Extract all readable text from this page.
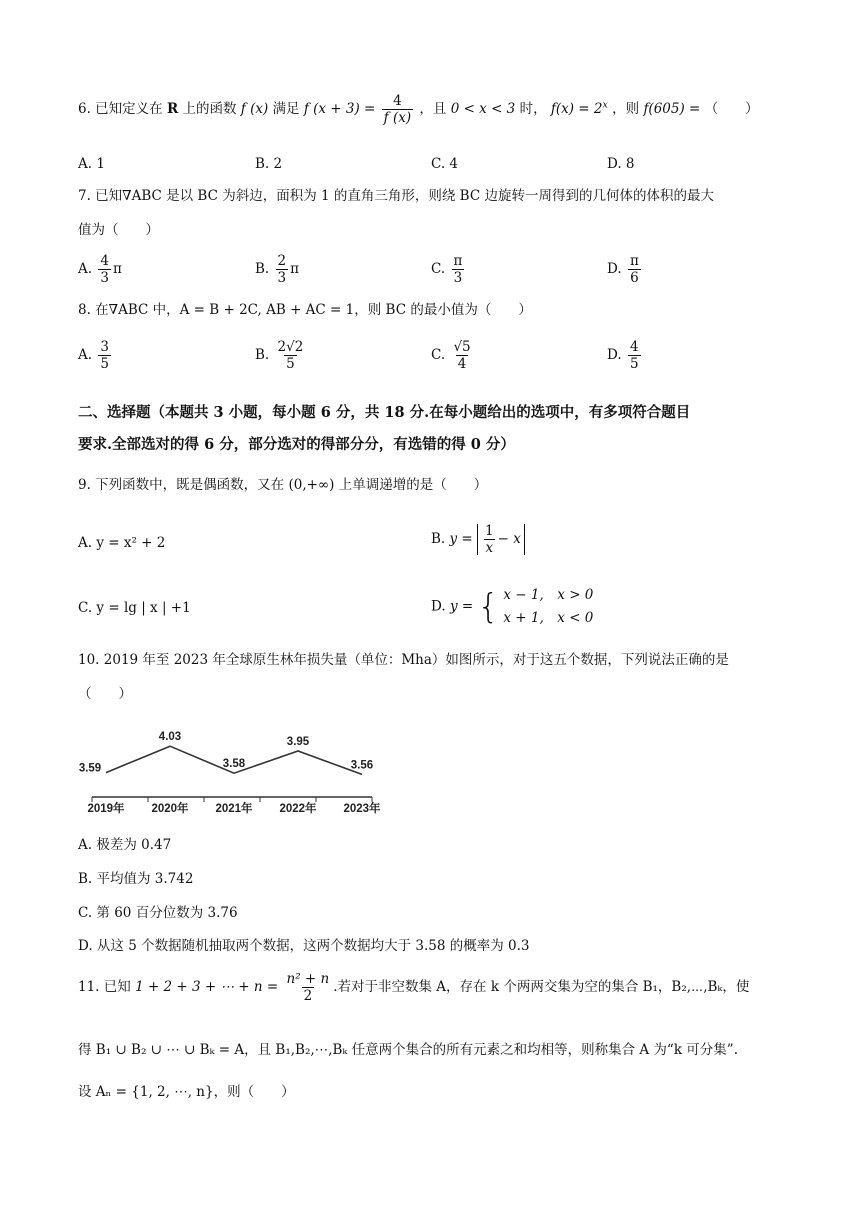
6. 已知定义在 R 上的函数 f (x) 满足 f $(x + 3) = \frac{4}{f (x)}$ ，且 0 < x < 3 时， $f(x) = 2^x$ ，则 f(605) = （　　）
A. 1	B. 2	C. 4	D. 8
7. 已知∇ABC 是以 BC 为斜边，面积为 1 的直角三角形，则绕 BC 边旋转一周得到的几何体的体积的最大
值为（　　）
A. $\frac{4}{3}$ π	B. $\frac{2}{3}$ π	C. $\frac{\pi}{3}$	D. $\frac{\pi}{6}$
8. 在∇ABC 中，A = B + 2C, AB + AC = 1，则 BC 的最小值为（　　）
A. $\frac{3}{5}$	B. $\frac{2√2}{5}$	C. $\frac{√5}{4}$	D. $\frac{4}{5}$
二、选择题（本题共 3 小题，每小题 6 分，共 18 分.在每小题给出的选项中，有多项符合题目
要求.全部选对的得 6 分，部分选对的得部分分，有选错的得 0 分）
9. 下列函数中，既是偶函数，又在 (0,+∞) 上单调递增的是（　　）
A. y = x² + 2	B. $y = \frac{1}{x} - x$
C. y = lg | x | +1	D. y = { x − 1,　x > 0
x + 1,　x < 0
10. 2019 年至 2023 年全球原生林年损失量（单位：Mha）如图所示，对于这五个数据，下列说法正确的是
（　　）
3.59
4.03
3.58
3.95
3.56
2019年 2020年 2021年 2022年 2023年
A. 极差为 0.47
B. 平均值为 3.742
C. 第 60 百分位数为 3.76
D. 从这 5 个数据随机抽取两个数据，这两个数据均大于 3.58 的概率为 0.3
11. 已知 1 + 2 + 3 + ⋯ + $n = \frac{\text{n² + n}}{2}$ .若对于非空数集 A，存在 k 个两两交集为空的集合 B₁，B₂,⋯,Bₖ，使
得 B₁ ∪ B₂ ∪ ⋯ ∪ Bₖ = A，且 B₁,B₂,⋯,Bₖ 任意两个集合的所有元素之和均相等，则称集合 A 为“k 可分集”.
设 Aₙ = {1, 2, ⋯, n}，则（　　）
